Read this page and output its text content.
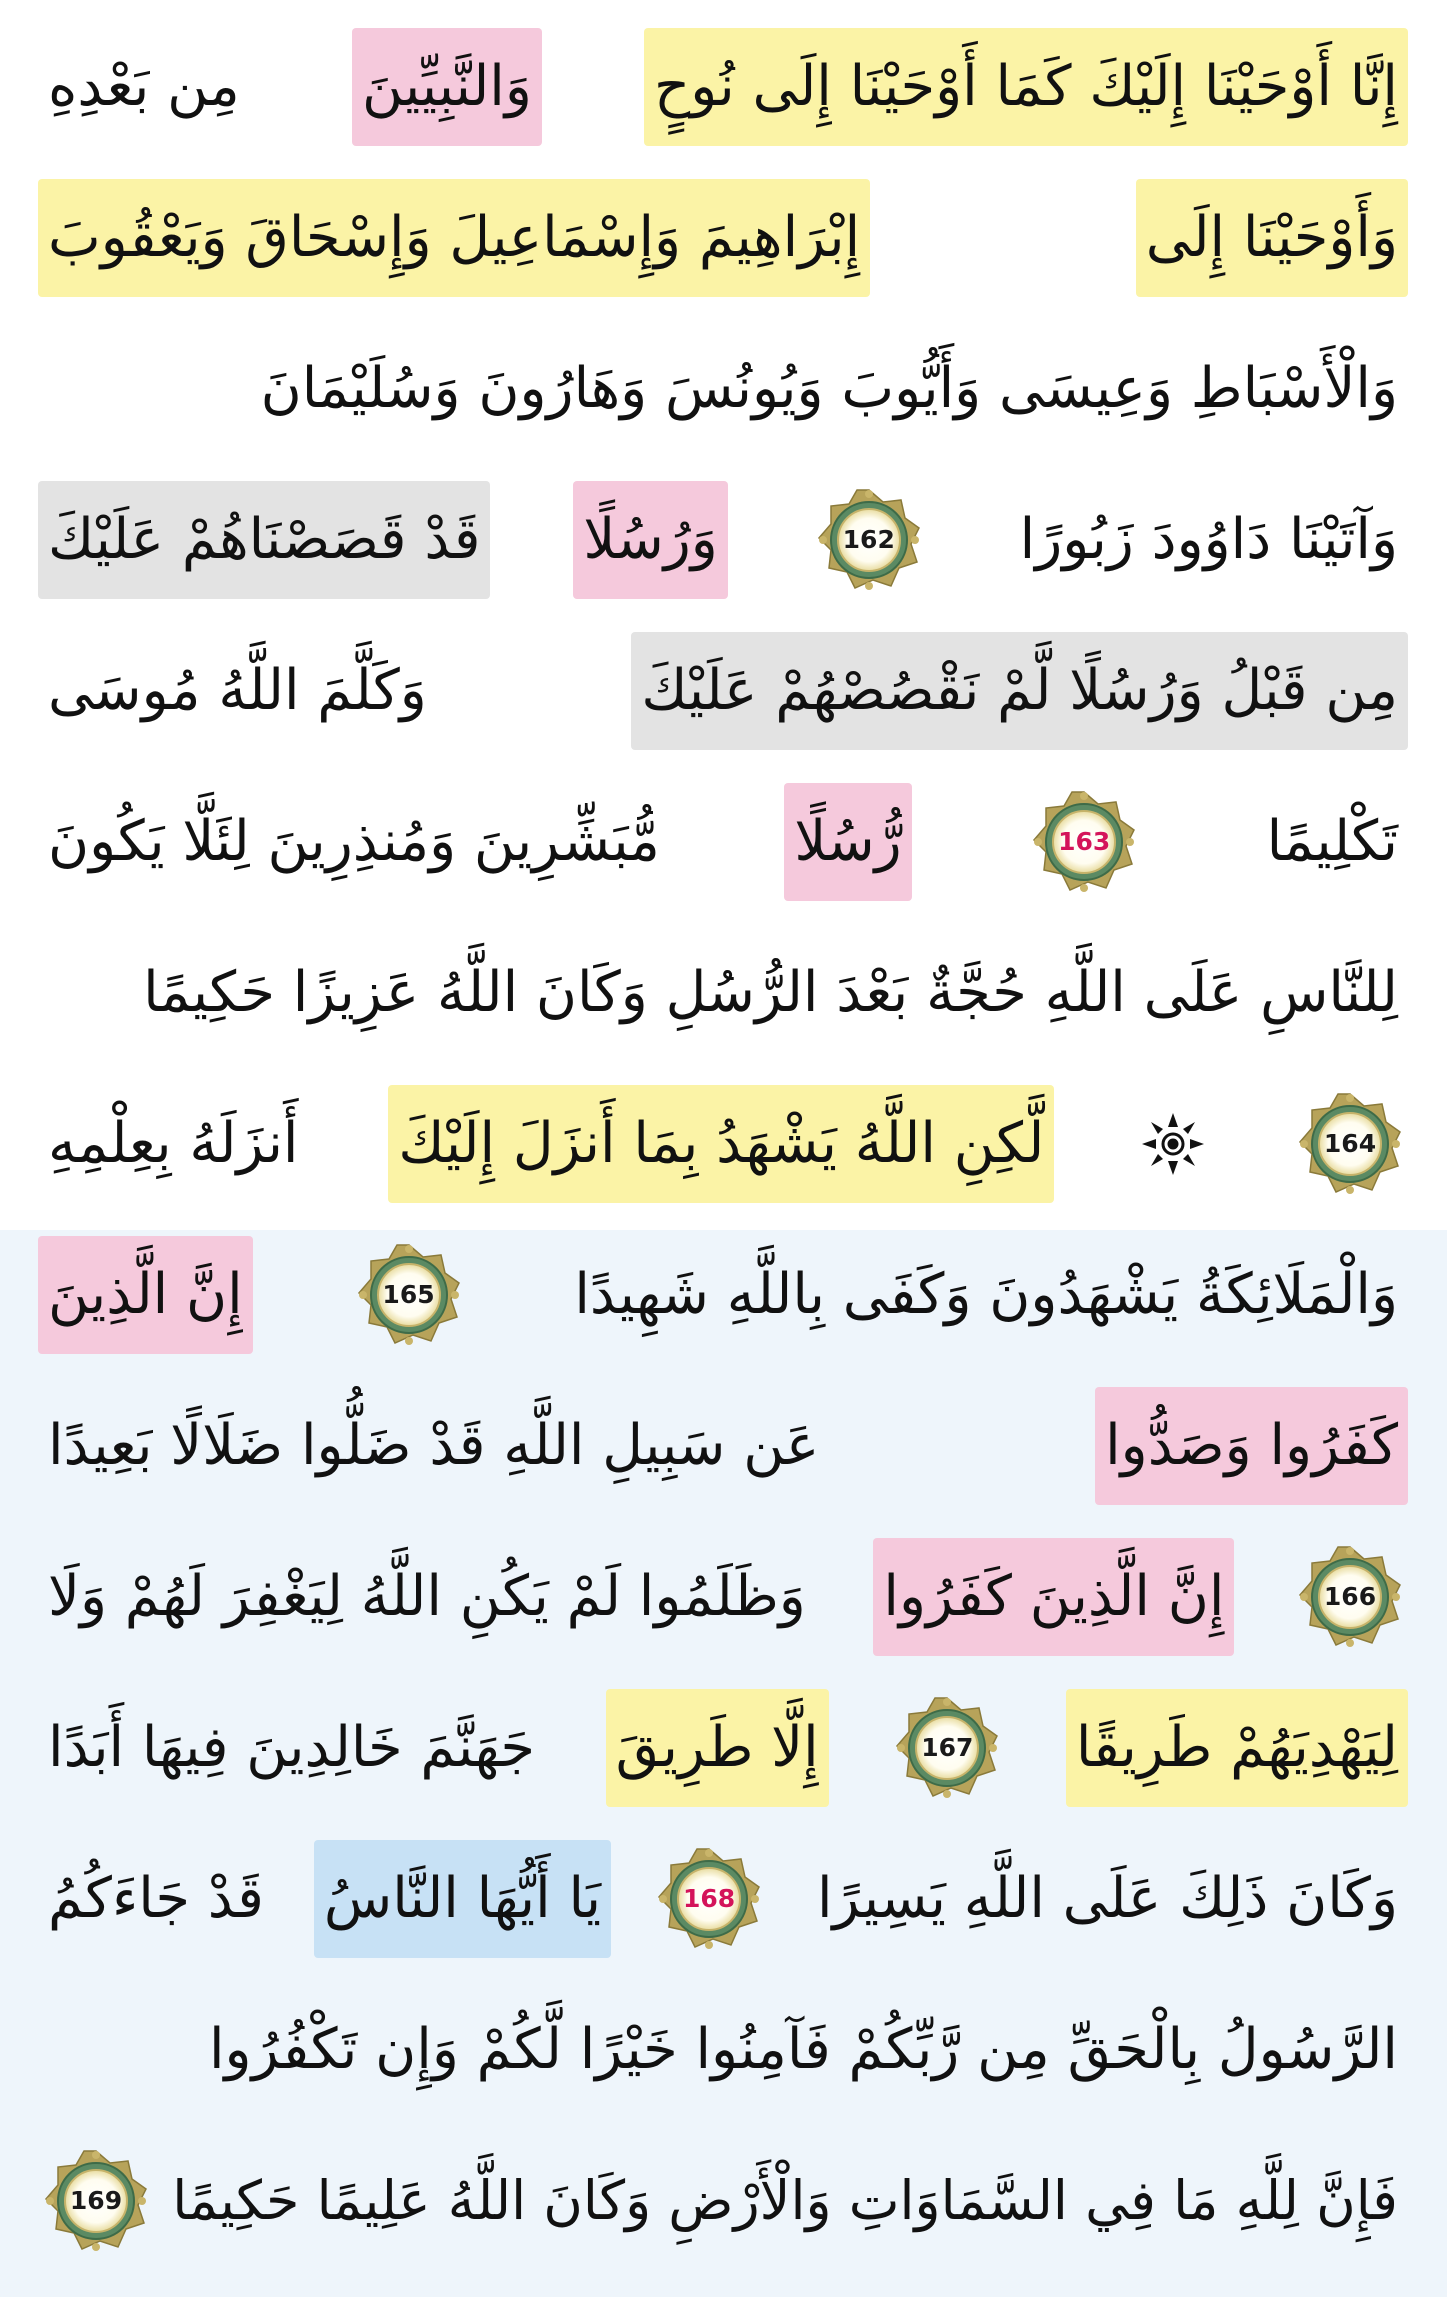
إِنَّا أَوْحَيْنَا إِلَيْكَ كَمَا أَوْحَيْنَا إِلَى نُوحٍ
وَالنَّبِيِّينَ
مِن بَعْدِهِ
وَأَوْحَيْنَا إِلَى
إِبْرَاهِيمَ وَإِسْمَاعِيلَ وَإِسْحَاقَ وَيَعْقُوبَ
وَالْأَسْبَاطِ وَعِيسَى وَأَيُّوبَ وَيُونُسَ وَهَارُونَ وَسُلَيْمَانَ
وَآتَيْنَا دَاوُودَ زَبُورًا
162
وَرُسُلًا
قَدْ قَصَصْنَاهُمْ عَلَيْكَ
مِن قَبْلُ وَرُسُلًا لَّمْ نَقْصُصْهُمْ عَلَيْكَ
وَكَلَّمَ اللَّهُ مُوسَى
تَكْلِيمًا
163
رُّسُلًا
مُّبَشِّرِينَ وَمُنذِرِينَ لِئَلَّا يَكُونَ
لِلنَّاسِ عَلَى اللَّهِ حُجَّةٌ بَعْدَ الرُّسُلِ وَكَانَ اللَّهُ عَزِيزًا حَكِيمًا
164
لَّكِنِ اللَّهُ يَشْهَدُ بِمَا أَنزَلَ إِلَيْكَ
أَنزَلَهُ بِعِلْمِهِ
وَالْمَلَائِكَةُ يَشْهَدُونَ وَكَفَى بِاللَّهِ شَهِيدًا
165
إِنَّ الَّذِينَ
كَفَرُوا وَصَدُّوا
عَن سَبِيلِ اللَّهِ قَدْ ضَلُّوا ضَلَالًا بَعِيدًا
166
إِنَّ الَّذِينَ كَفَرُوا
وَظَلَمُوا لَمْ يَكُنِ اللَّهُ لِيَغْفِرَ لَهُمْ وَلَا
لِيَهْدِيَهُمْ طَرِيقًا
167
إِلَّا طَرِيقَ
جَهَنَّمَ خَالِدِينَ فِيهَا أَبَدًا
وَكَانَ ذَلِكَ عَلَى اللَّهِ يَسِيرًا
168
يَا أَيُّهَا النَّاسُ
قَدْ جَاءَكُمُ
الرَّسُولُ بِالْحَقِّ مِن رَّبِّكُمْ فَآمِنُوا خَيْرًا لَّكُمْ وَإِن تَكْفُرُوا
فَإِنَّ لِلَّهِ مَا فِي السَّمَاوَاتِ وَالْأَرْضِ وَكَانَ اللَّهُ عَلِيمًا حَكِيمًا
169
